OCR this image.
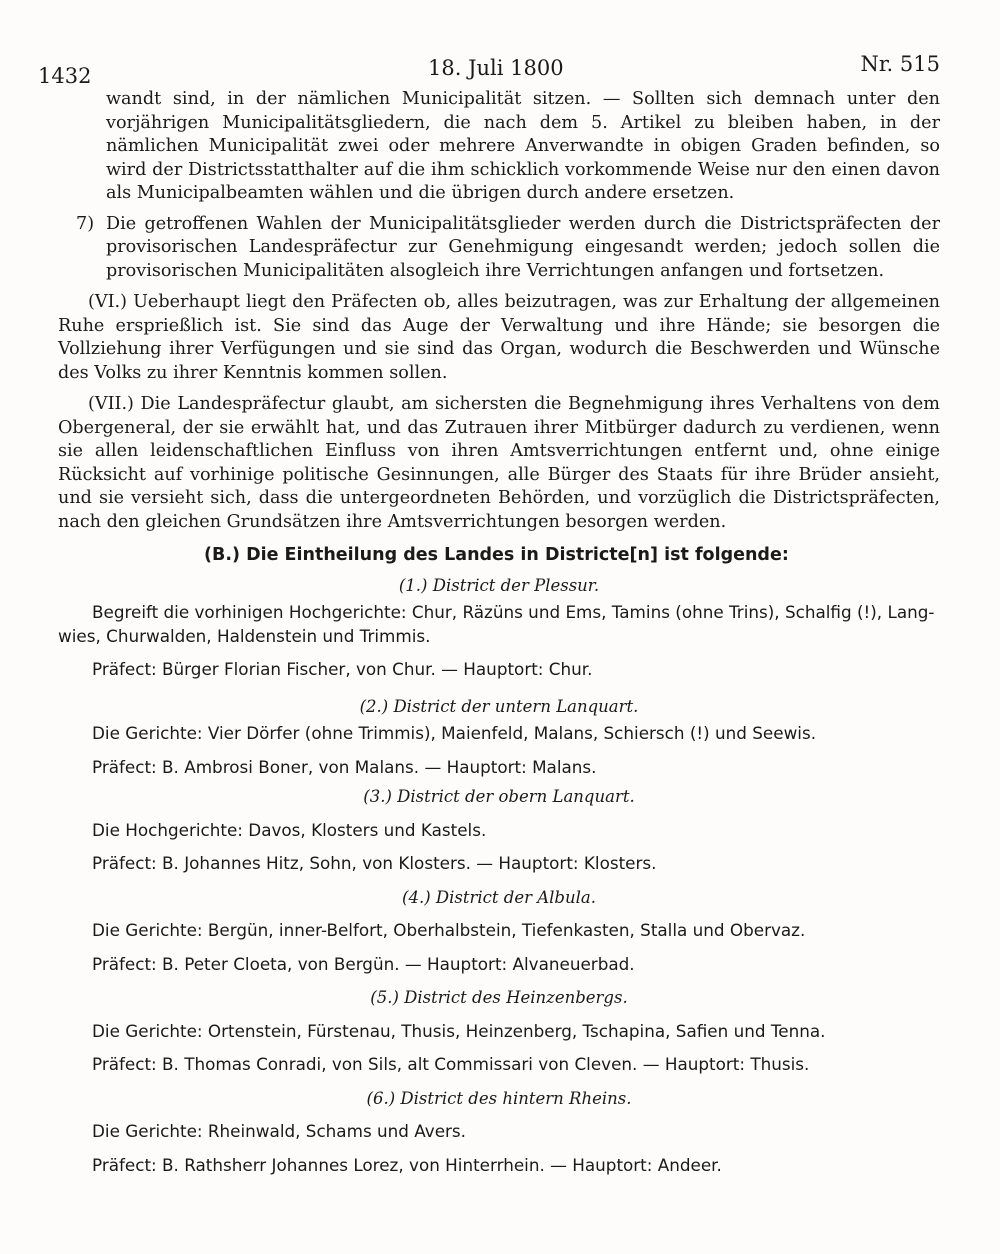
1432	18. Juli 1800	Nr. 515

wandt sind, in der nämlichen Municipalität sitzen. — Sollten sich demnach unter den vorjährigen Municipalitätsgliedern, die nach dem 5. Artikel zu bleiben haben, in der nämlichen Municipalität zwei oder mehrere Anverwandte in obigen Graden befinden, so wird der Districtsstatthalter auf die ihm schicklich vorkommende Weise nur den einen davon als Municipalbeamten wählen und die übrigen durch andere ersetzen.

7) Die getroffenen Wahlen der Municipalitätsglieder werden durch die Districtspräfecten der provisorischen Landespräfectur zur Genehmigung eingesandt werden; jedoch sollen die provisorischen Municipalitäten alsogleich ihre Verrichtungen anfangen und fortsetzen.

(VI.) Ueberhaupt liegt den Präfecten ob, alles beizutragen, was zur Erhaltung der allgemeinen Ruhe ersprießlich ist. Sie sind das Auge der Verwaltung und ihre Hände; sie besorgen die Vollziehung ihrer Verfügungen und sie sind das Organ, wodurch die Beschwerden und Wünsche des Volks zu ihrer Kenntnis kommen sollen.

(VII.) Die Landespräfectur glaubt, am sichersten die Begnehmigung ihres Verhaltens von dem Obergeneral, der sie erwählt hat, und das Zutrauen ihrer Mitbürger dadurch zu verdienen, wenn sie allen leidenschaftlichen Einfluss von ihren Amtsverrichtungen entfernt und, ohne einige Rücksicht auf vorhinige politische Gesinnungen, alle Bürger des Staats für ihre Brüder ansieht, und sie versieht sich, dass die untergeordneten Behörden, und vorzüglich die Districtspräfecten, nach den gleichen Grundsätzen ihre Amtsverrichtungen besorgen werden.

(B.) Die Eintheilung des Landes in Districte[n] ist folgende:
(1.) District der Plessur.
Begreift die vorhinigen Hochgerichte: Chur, Räzüns und Ems, Tamins (ohne Trins), Schalfig (!), Lang-
wies, Churwalden, Haldenstein und Trimmis.
Präfect: Bürger Florian Fischer, von Chur. — Hauptort: Chur.
(2.) District der untern Lanquart.
Die Gerichte: Vier Dörfer (ohne Trimmis), Maienfeld, Malans, Schiersch (!) und Seewis.
Präfect: B. Ambrosi Boner, von Malans. — Hauptort: Malans.
(3.) District der obern Lanquart.
Die Hochgerichte: Davos, Klosters und Kastels.
Präfect: B. Johannes Hitz, Sohn, von Klosters. — Hauptort: Klosters.
(4.) District der Albula.
Die Gerichte: Bergün, inner-Belfort, Oberhalbstein, Tiefenkasten, Stalla und Obervaz.
Präfect: B. Peter Cloeta, von Bergün. — Hauptort: Alvaneuerbad.
(5.) District des Heinzenbergs.
Die Gerichte: Ortenstein, Fürstenau, Thusis, Heinzenberg, Tschapina, Safien und Tenna.
Präfect: B. Thomas Conradi, von Sils, alt Commissari von Cleven. — Hauptort: Thusis.
(6.) District des hintern Rheins.
Die Gerichte: Rheinwald, Schams und Avers.
Präfect: B. Rathsherr Johannes Lorez, von Hinterrhein. — Hauptort: Andeer.
